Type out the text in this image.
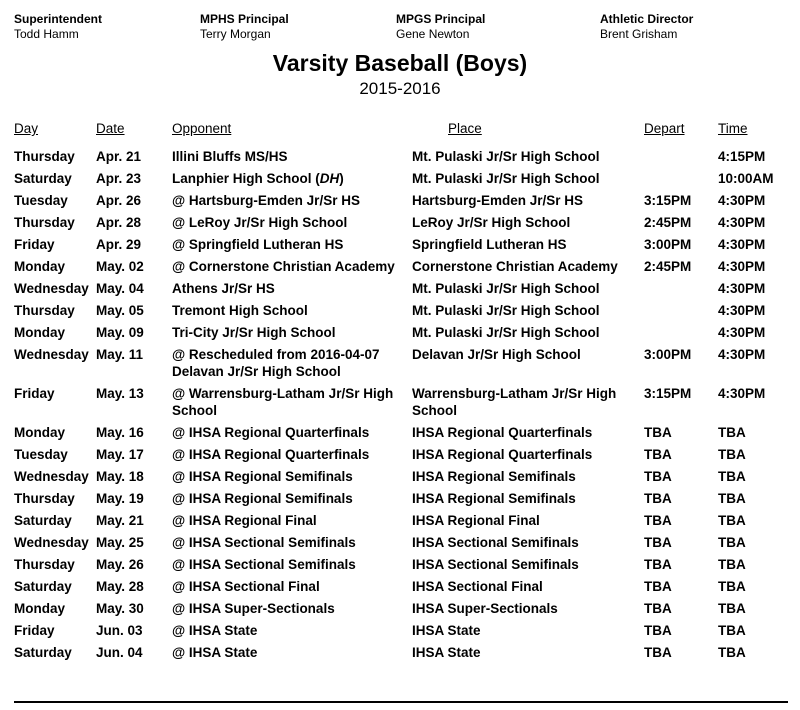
Superintendent
Todd Hamm
MPHS Principal
Terry Morgan
MPGS Principal
Gene Newton
Athletic Director
Brent Grisham
Varsity Baseball (Boys)
2015-2016
Day	Date	Opponent	Place	Depart	Time
Thursday	Apr. 21	Illini Bluffs MS/HS	Mt. Pulaski Jr/Sr High School		4:15PM
Saturday	Apr. 23	Lanphier High School (DH)	Mt. Pulaski Jr/Sr High School		10:00AM
Tuesday	Apr. 26	@ Hartsburg-Emden Jr/Sr HS	Hartsburg-Emden Jr/Sr HS	3:15PM	4:30PM
Thursday	Apr. 28	@ LeRoy Jr/Sr High School	LeRoy Jr/Sr High School	2:45PM	4:30PM
Friday	Apr. 29	@ Springfield Lutheran HS	Springfield Lutheran HS	3:00PM	4:30PM
Monday	May. 02	@ Cornerstone Christian Academy	Cornerstone Christian Academy	2:45PM	4:30PM
Wednesday	May. 04	Athens Jr/Sr HS	Mt. Pulaski Jr/Sr High School		4:30PM
Thursday	May. 05	Tremont High School	Mt. Pulaski Jr/Sr High School		4:30PM
Monday	May. 09	Tri-City Jr/Sr High School	Mt. Pulaski Jr/Sr High School		4:30PM
Wednesday	May. 11	@ Rescheduled from 2016-04-07 Delavan Jr/Sr High School	Delavan Jr/Sr High School	3:00PM	4:30PM
Friday	May. 13	@ Warrensburg-Latham Jr/Sr High School	Warrensburg-Latham Jr/Sr High School	3:15PM	4:30PM
Monday	May. 16	@ IHSA Regional Quarterfinals	IHSA Regional Quarterfinals	TBA	TBA
Tuesday	May. 17	@ IHSA Regional Quarterfinals	IHSA Regional Quarterfinals	TBA	TBA
Wednesday	May. 18	@ IHSA Regional Semifinals	IHSA Regional Semifinals	TBA	TBA
Thursday	May. 19	@ IHSA Regional Semifinals	IHSA Regional Semifinals	TBA	TBA
Saturday	May. 21	@ IHSA Regional Final	IHSA Regional Final	TBA	TBA
Wednesday	May. 25	@ IHSA Sectional Semifinals	IHSA Sectional Semifinals	TBA	TBA
Thursday	May. 26	@ IHSA Sectional Semifinals	IHSA Sectional Semifinals	TBA	TBA
Saturday	May. 28	@ IHSA Sectional Final	IHSA Sectional Final	TBA	TBA
Monday	May. 30	@ IHSA Super-Sectionals	IHSA Super-Sectionals	TBA	TBA
Friday	Jun. 03	@ IHSA State	IHSA State	TBA	TBA
Saturday	Jun. 04	@ IHSA State	IHSA State	TBA	TBA
